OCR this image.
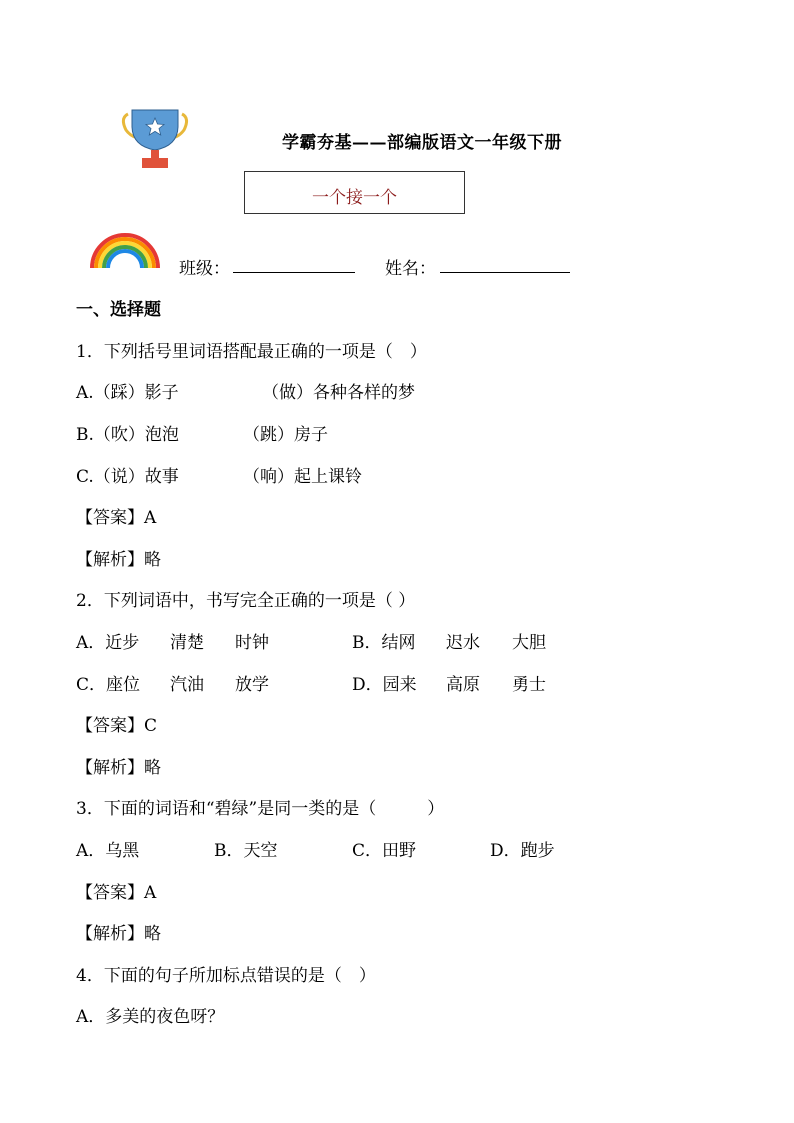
学霸夯基——部编版语文一年级下册
一个接一个
班级：	姓名：
一、选择题
1．下列括号里词语搭配最正确的一项是（　）
A.（踩）影子	（做）各种各样的梦
B.（吹）泡泡	（跳）房子
C.（说）故事	（响）起上课铃
【答案】A
【解析】略
2．下列词语中，书写完全正确的一项是（ ）
A．近步 清楚 时钟	B．结网 迟水 大胆
C．座位 汽油 放学	D．园来 高原 勇士
【答案】C
【解析】略
3．下面的词语和“碧绿”是同一类的是（　　　）
A．乌黑	B．天空	C．田野	D．跑步
【答案】A
【解析】略
4．下面的句子所加标点错误的是（　）
A．多美的夜色呀？
